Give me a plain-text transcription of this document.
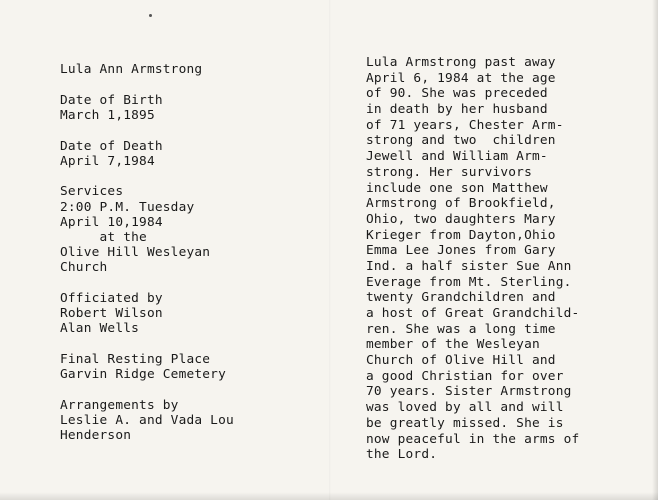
Lula Ann Armstrong
Date of Birth
March 1,1895
Date of Death
April 7,1984
Services
2:00 P.M. Tuesday
April 10,1984
at the
Olive Hill Wesleyan
Church
Officiated by
Robert Wilson
Alan Wells
Final Resting Place
Garvin Ridge Cemetery
Arrangements by
Leslie A. and Vada Lou
Henderson
Lula Armstrong past away
April 6, 1984 at the age
of 90. She was preceded
in death by her husband
of 71 years, Chester Arm-
strong and two  children
Jewell and William Arm-
strong. Her survivors
include one son Matthew
Armstrong of Brookfield,
Ohio, two daughters Mary
Krieger from Dayton,Ohio
Emma Lee Jones from Gary
Ind. a half sister Sue Ann
Everage from Mt. Sterling.
twenty Grandchildren and
a host of Great Grandchild-
ren. She was a long time
member of the Wesleyan
Church of Olive Hill and
a good Christian for over
70 years. Sister Armstrong
was loved by all and will
be greatly missed. She is
now peaceful in the arms of
the Lord.
